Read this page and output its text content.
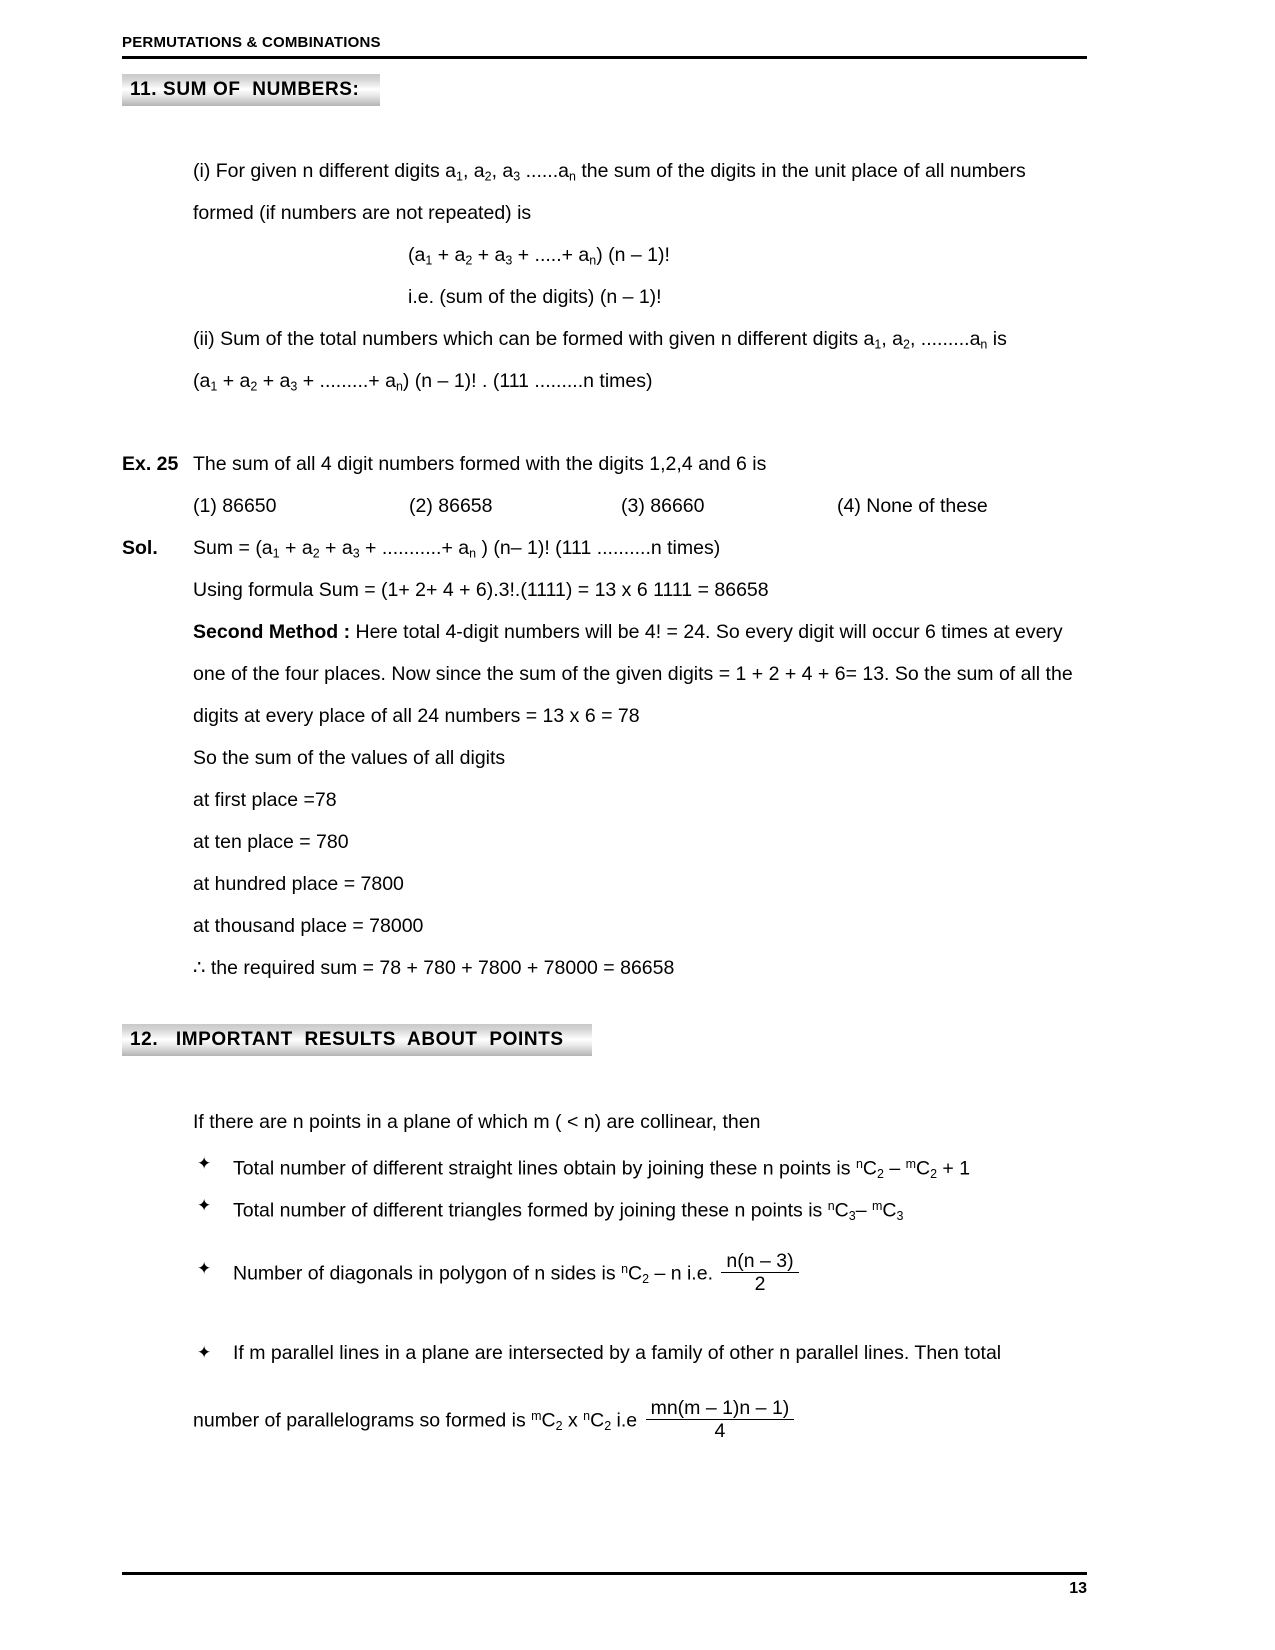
PERMUTATIONS & COMBINATIONS
11. SUM OF  NUMBERS:
(i) For given n different digits $a_1$, $a_2$, $a_3$ $......a_n$ the sum of the digits in the unit place of all numbers
formed (if numbers are not repeated) is
($a_1 + a_2 + a_3$ + .....+ $a_n$) (n – 1)!
i.e. (sum of the digits) (n – 1)!
(ii) Sum of the total numbers which can be formed with given n different digits $a_1$, $a_2$, $.........a_n$ is
($a_1 + a_2 + a_3$ + .........+ $a_n$) (n – 1)! . (111 .........n times)
Ex. 25 The sum of all 4 digit numbers formed with the digits 1,2,4 and 6 is
(1) 86650	(2) 86658	(3) 86660	(4) None of these
Sol. Sum = ($a_1 + a_2 + a_3$ + ...........+ $a_n$ ) (n– 1)! (111 ..........n times)
Using formula Sum = (1+ 2+ 4 + 6).3!.(1111) = 13 x 6 1111 = 86658
Second Method : Here total 4-digit numbers will be 4! = 24. So every digit will occur 6 times at every one of the four places. Now since the sum of the given digits = 1 + 2 + 4 + 6= 13. So the sum of all the digits at every place of all 24 numbers = 13 x 6 = 78
So the sum of the values of all digits
at first place =78
at ten place = 780
at hundred place = 7800
at thousand place = 78000
∴ the required sum = 78 + 780 + 7800 + 78000 = 86658
12.   IMPORTANT  RESULTS  ABOUT  POINTS
If there are n points in a plane of which m ( < n) are collinear, then
✦ Total number of different straight lines obtain by joining these n points is $^nC_2 - ^mC_2 + 1$
✦ Total number of different triangles formed by joining these n points is $^nC_3-$ $^mC_3$
✦ Number of diagonals in polygon of n sides is $^nC_2$ – n i.e. $\frac{n(n - 3)}{2}$
✦ If m parallel lines in a plane are intersected by a family of other n parallel lines. Then total
number of parallelograms so formed is $^mC_2$ x $^nC_2$ $i.e \frac{mn(m - 1)n - 1)}{4}$
13
